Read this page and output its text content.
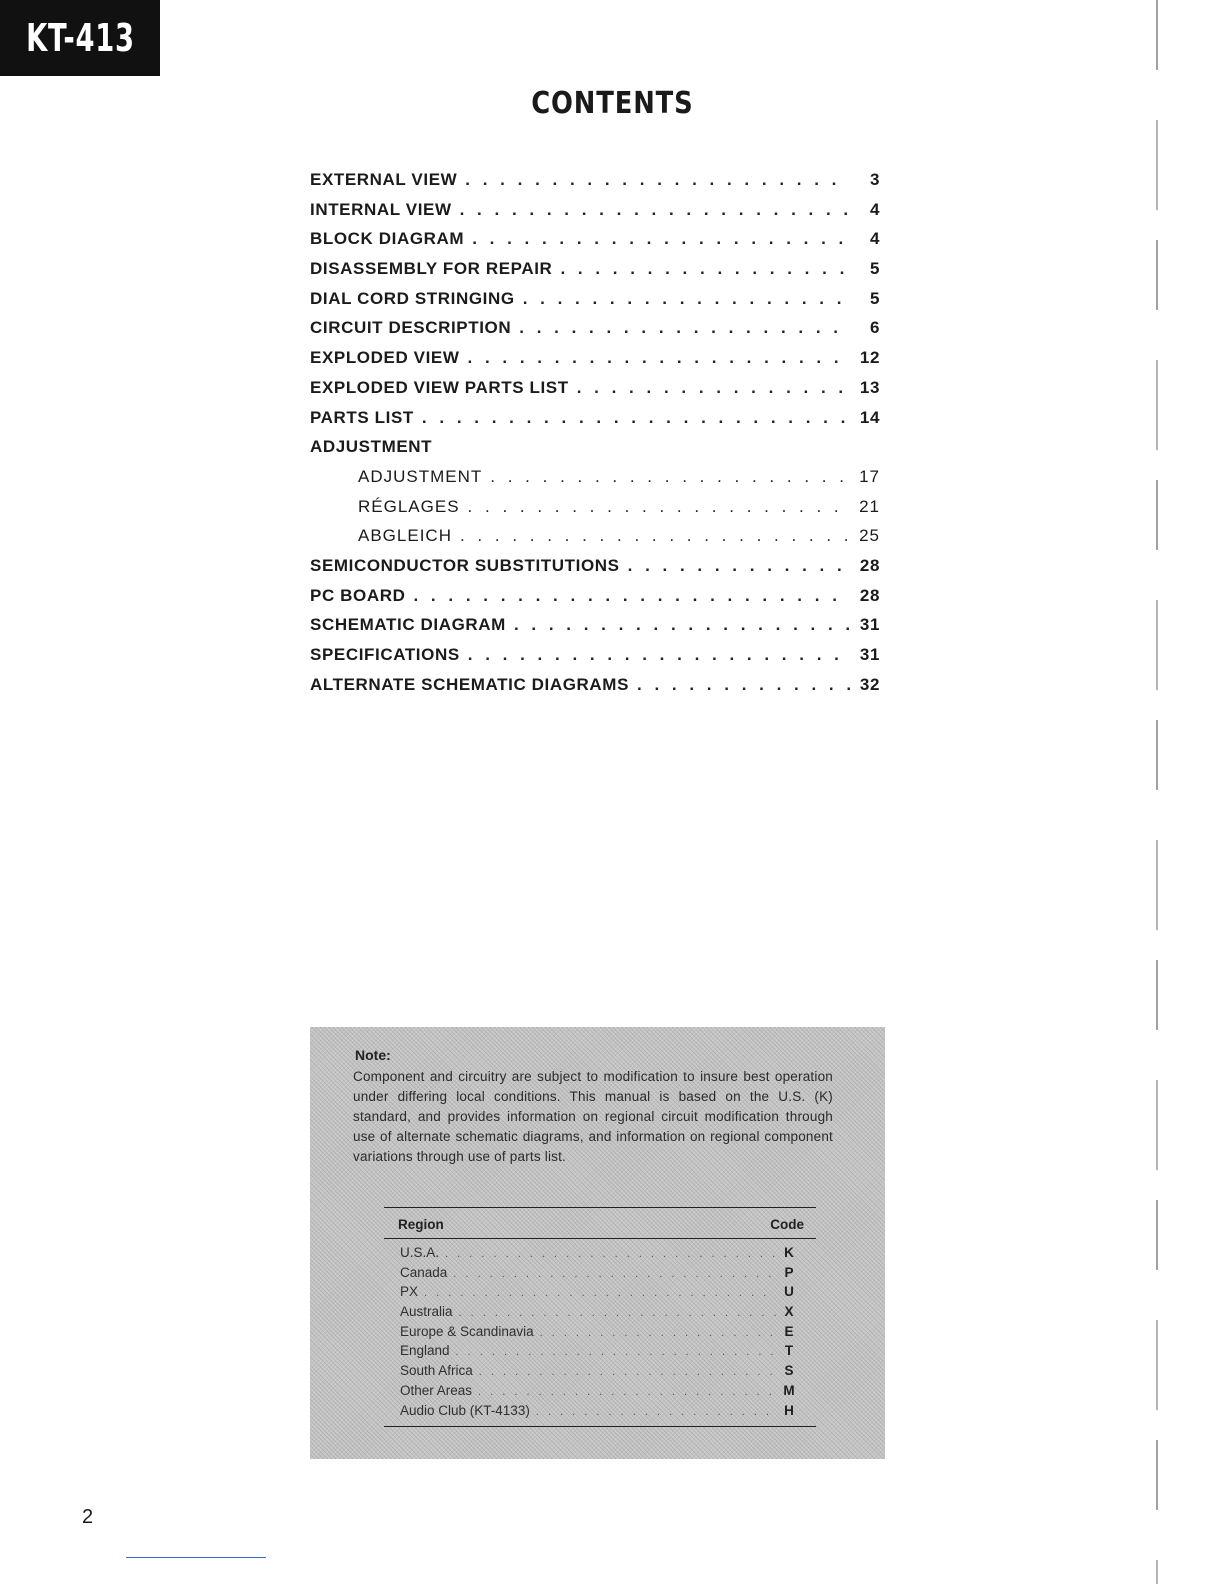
KT-413
CONTENTS
EXTERNAL VIEW . . .	3
INTERNAL VIEW . . .	4
BLOCK DIAGRAM . . .	4
DISASSEMBLY FOR REPAIR . . .	5
DIAL CORD STRINGING . . .	5
CIRCUIT DESCRIPTION . . .	6
EXPLODED VIEW . . .	12
EXPLODED VIEW PARTS LIST . . .	13
PARTS LIST . . .	14
ADJUSTMENT
ADJUSTMENT . . .	17
RÉGLAGES . . .	21
ABGLEICH . . .	25
SEMICONDUCTOR SUBSTITUTIONS . . .	28
PC BOARD . . .	28
SCHEMATIC DIAGRAM . . .	31
SPECIFICATIONS . . .	31
ALTERNATE SCHEMATIC DIAGRAMS . . .	32
Note:
Component and circuitry are subject to modification to insure best operation under differing local conditions. This manual is based on the U.S. (K) standard, and provides information on regional circuit modification through use of alternate schematic diagrams, and information on regional component variations through use of parts list.
Region	Code
U.S.A. . . .	K
Canada . . .	P
PX . . .	U
Australia . . .	X
Europe & Scandinavia . . .	E
England . . .	T
South Africa . . .	S
Other Areas . . .	M
Audio Club (KT-4133) . . .	H
2
